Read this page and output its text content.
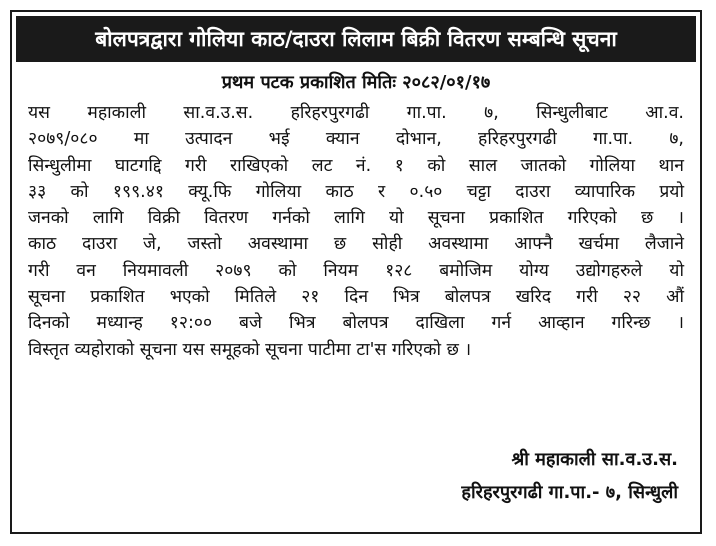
बोलपत्रद्वारा गोलिया काठ/दाउरा लिलाम बिक्री वितरण सम्बन्धि सूचना
प्रथम पटक प्रकाशित मितिः २०८२/०१/१७
यस महाकाली सा.व.उ.स. हरिहरपुरगढी गा.पा. ७, सिन्धुलीबाट आ.व.
२०७९/०८० मा उत्पादन भई क्यान दोभान, हरिहरपुरगढी गा.पा. ७,
सिन्धुलीमा घाटगद्दि गरी राखिएको लट नं. १ को साल जातको गोलिया थान
३३ को १९९.४१ क्यू.फि गोलिया काठ र ०.५० चट्टा दाउरा व्यापारिक प्रयो
जनको लागि विक्री वितरण गर्नको लागि यो सूचना प्रकाशित गरिएको छ ।
काठ दाउरा जे, जस्तो अवस्थामा छ सोही अवस्थामा आफ्नै खर्चमा लैजाने
गरी वन नियमावली २०७९ को नियम १२८ बमोजिम योग्य उद्योगहरुले यो
सूचना प्रकाशित भएको मितिले २१ दिन भित्र बोलपत्र खरिद गरी २२ औं
दिनको मध्यान्ह १२:०० बजे भित्र बोलपत्र दाखिला गर्न आव्हान गरिन्छ ।
विस्तृत व्यहोराको सूचना यस समूहको सूचना पाटीमा टा'स गरिएको छ ।
श्री महाकाली सा.व.उ.स.
हरिहरपुरगढी गा.पा.- ७, सिन्धुली
